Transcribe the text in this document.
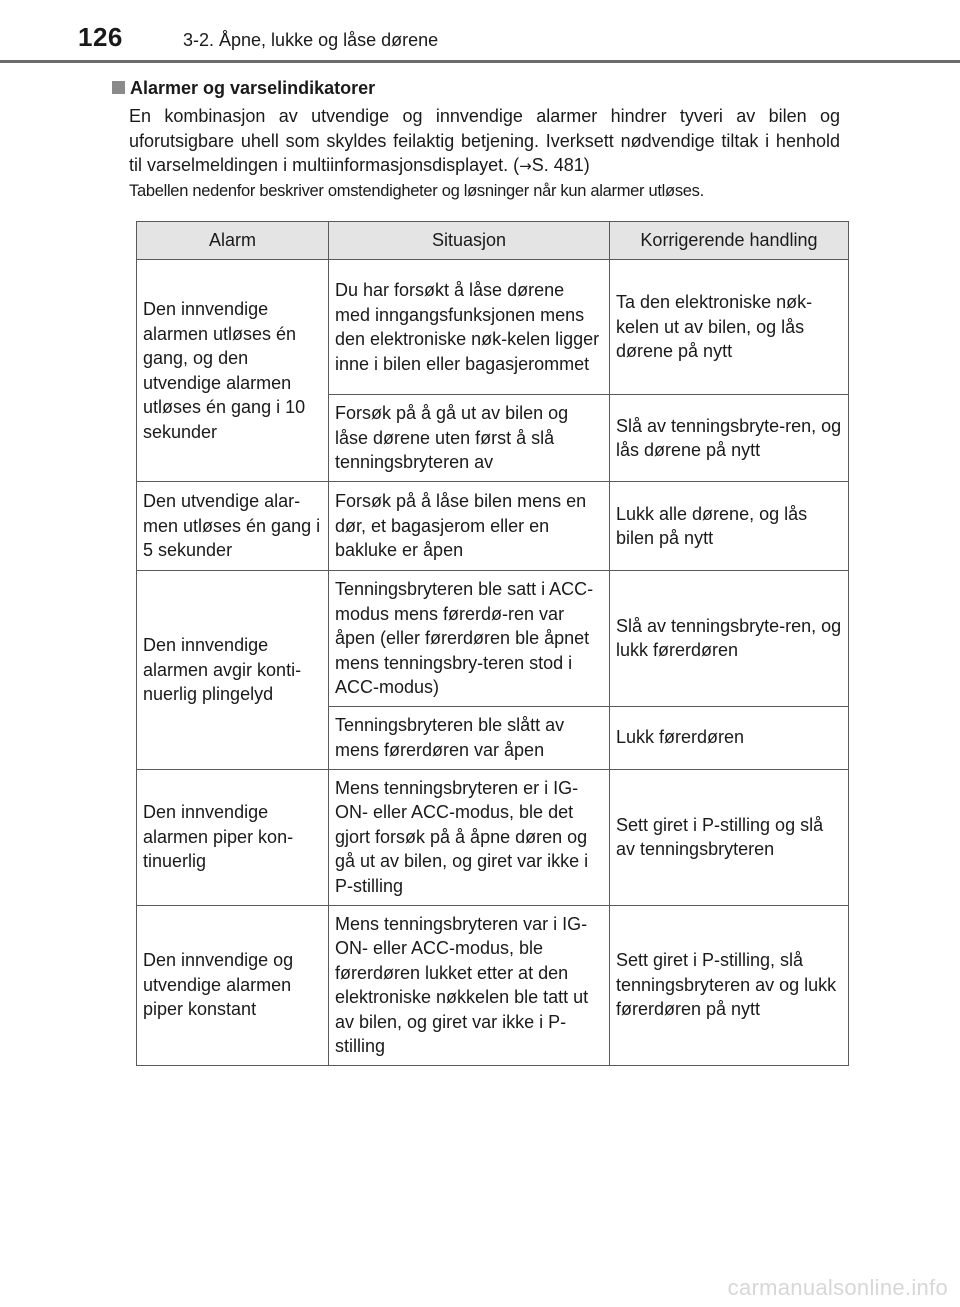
126	3-2. Åpne, lukke og låse dørene
Alarmer og varselindikatorer
En kombinasjon av utvendige og innvendige alarmer hindrer tyveri av bilen og uforutsigbare uhell som skyldes feilaktig betjening. Iverksett nødvendige tiltak i henhold til varselmeldingen i multiinformasjonsdisplayet. (→S. 481)
Tabellen nedenfor beskriver omstendigheter og løsninger når kun alarmer utløses.
Alarm	Situasjon	Korrigerende handling
Den innvendige alarmen utløses én gang, og den utvendige alarmen utløses én gang i 10 sekunder	Du har forsøkt å låse dørene med inngangsfunksjonen mens den elektroniske nøk-kelen ligger inne i bilen eller bagasjerommet	Ta den elektroniske nøk-kelen ut av bilen, og lås dørene på nytt
	Forsøk på å gå ut av bilen og låse dørene uten først å slå tenningsbryteren av	Slå av tenningsbryte-ren, og lås dørene på nytt
Den utvendige alar-men utløses én gang i 5 sekunder	Forsøk på å låse bilen mens en dør, et bagasjerom eller en bakluke er åpen	Lukk alle dørene, og lås bilen på nytt
Den innvendige alarmen avgir konti-nuerlig plingelyd	Tenningsbryteren ble satt i ACC-modus mens førerdø-ren var åpen (eller førerdøren ble åpnet mens tenningsbry-teren stod i ACC-modus)	Slå av tenningsbryte-ren, og lukk førerdøren
	Tenningsbryteren ble slått av mens førerdøren var åpen	Lukk førerdøren
Den innvendige alarmen piper kon-tinuerlig	Mens tenningsbryteren er i IG-ON- eller ACC-modus, ble det gjort forsøk på å åpne døren og gå ut av bilen, og giret var ikke i P-stilling	Sett giret i P-stilling og slå av tenningsbryteren
Den innvendige og utvendige alarmen piper konstant	Mens tenningsbryteren var i IG-ON- eller ACC-modus, ble førerdøren lukket etter at den elektroniske nøkkelen ble tatt ut av bilen, og giret var ikke i P-stilling	Sett giret i P-stilling, slå tenningsbryteren av og lukk førerdøren på nytt
carmanualsonline.info
